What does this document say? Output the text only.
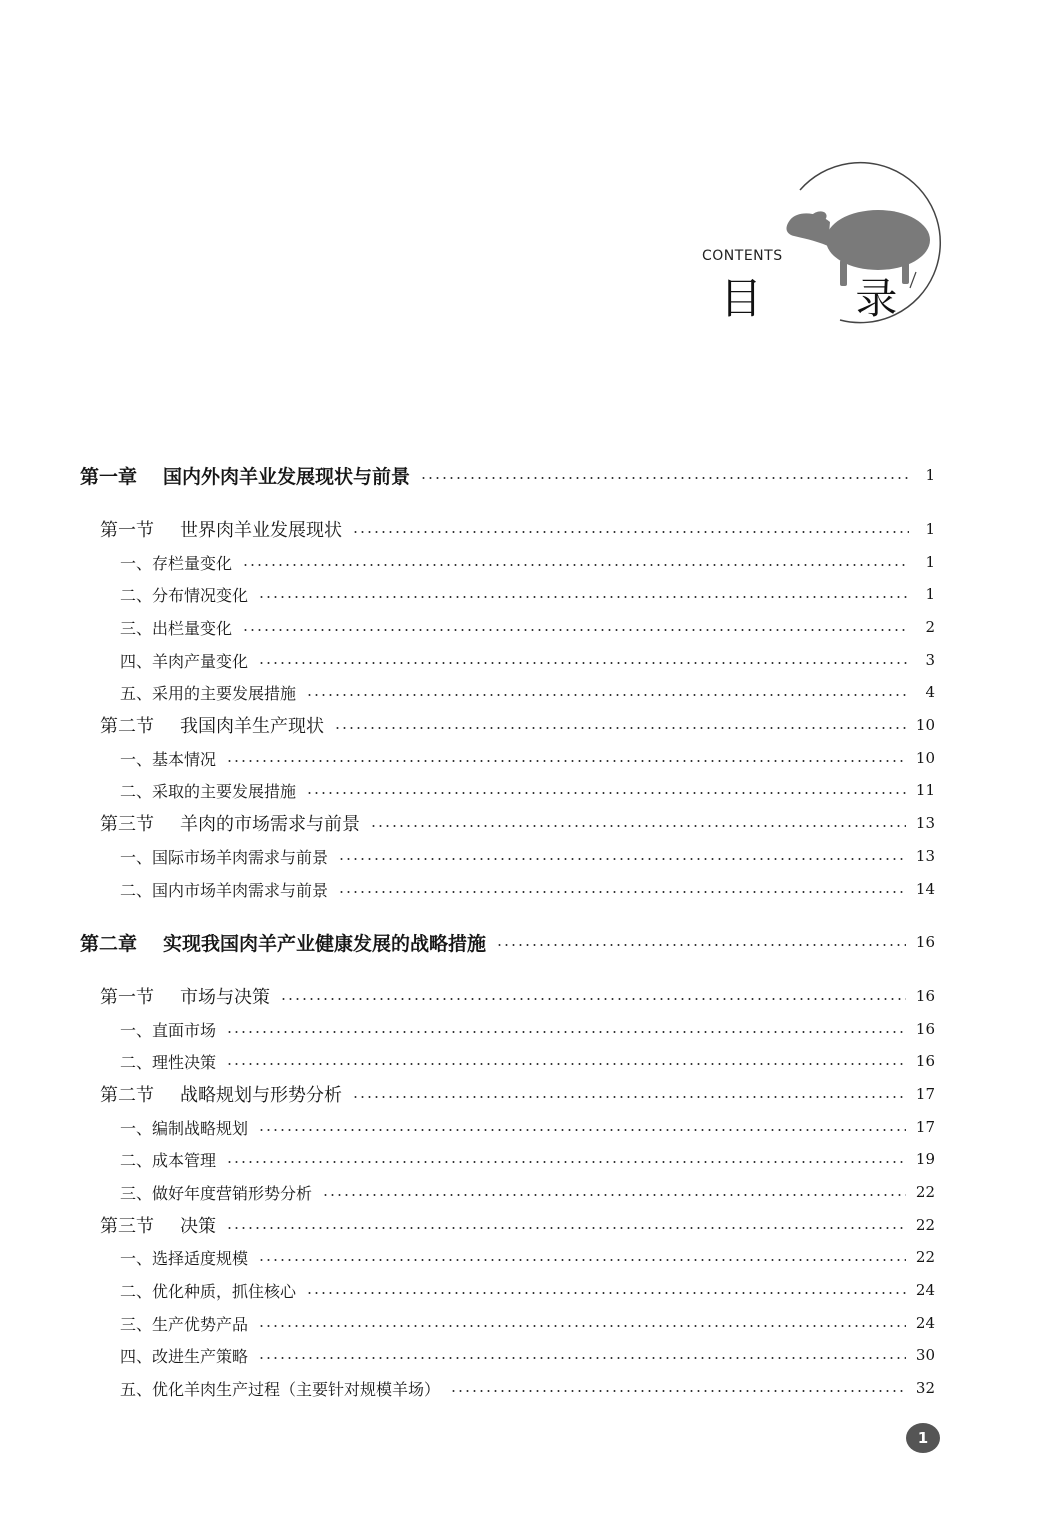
CONTENTS
目 录
第一章 国内外肉羊业发展现状与前景	1
第一节 世界肉羊业发展现状	1
一、 存栏量变化	1
二、 分布情况变化	1
三、 出栏量变化	2
四、 羊肉产量变化	3
五、 采用的主要发展措施	4
第二节 我国肉羊生产现状	10
一、 基本情况	10
二、 采取的主要发展措施	11
第三节 羊肉的市场需求与前景	13
一、 国际市场羊肉需求与前景	13
二、 国内市场羊肉需求与前景	14
第二章 实现我国肉羊产业健康发展的战略措施	16
第一节 市场与决策	16
一、 直面市场	16
二、 理性决策	16
第二节 战略规划与形势分析	17
一、 编制战略规划	17
二、 成本管理	19
三、 做好年度营销形势分析	22
第三节 决策	22
一、 选择适度规模	22
二、 优化种质，抓住核心	24
三、 生产优势产品	24
四、 改进生产策略	30
五、 优化羊肉生产过程（主要针对规模羊场）	32
1
